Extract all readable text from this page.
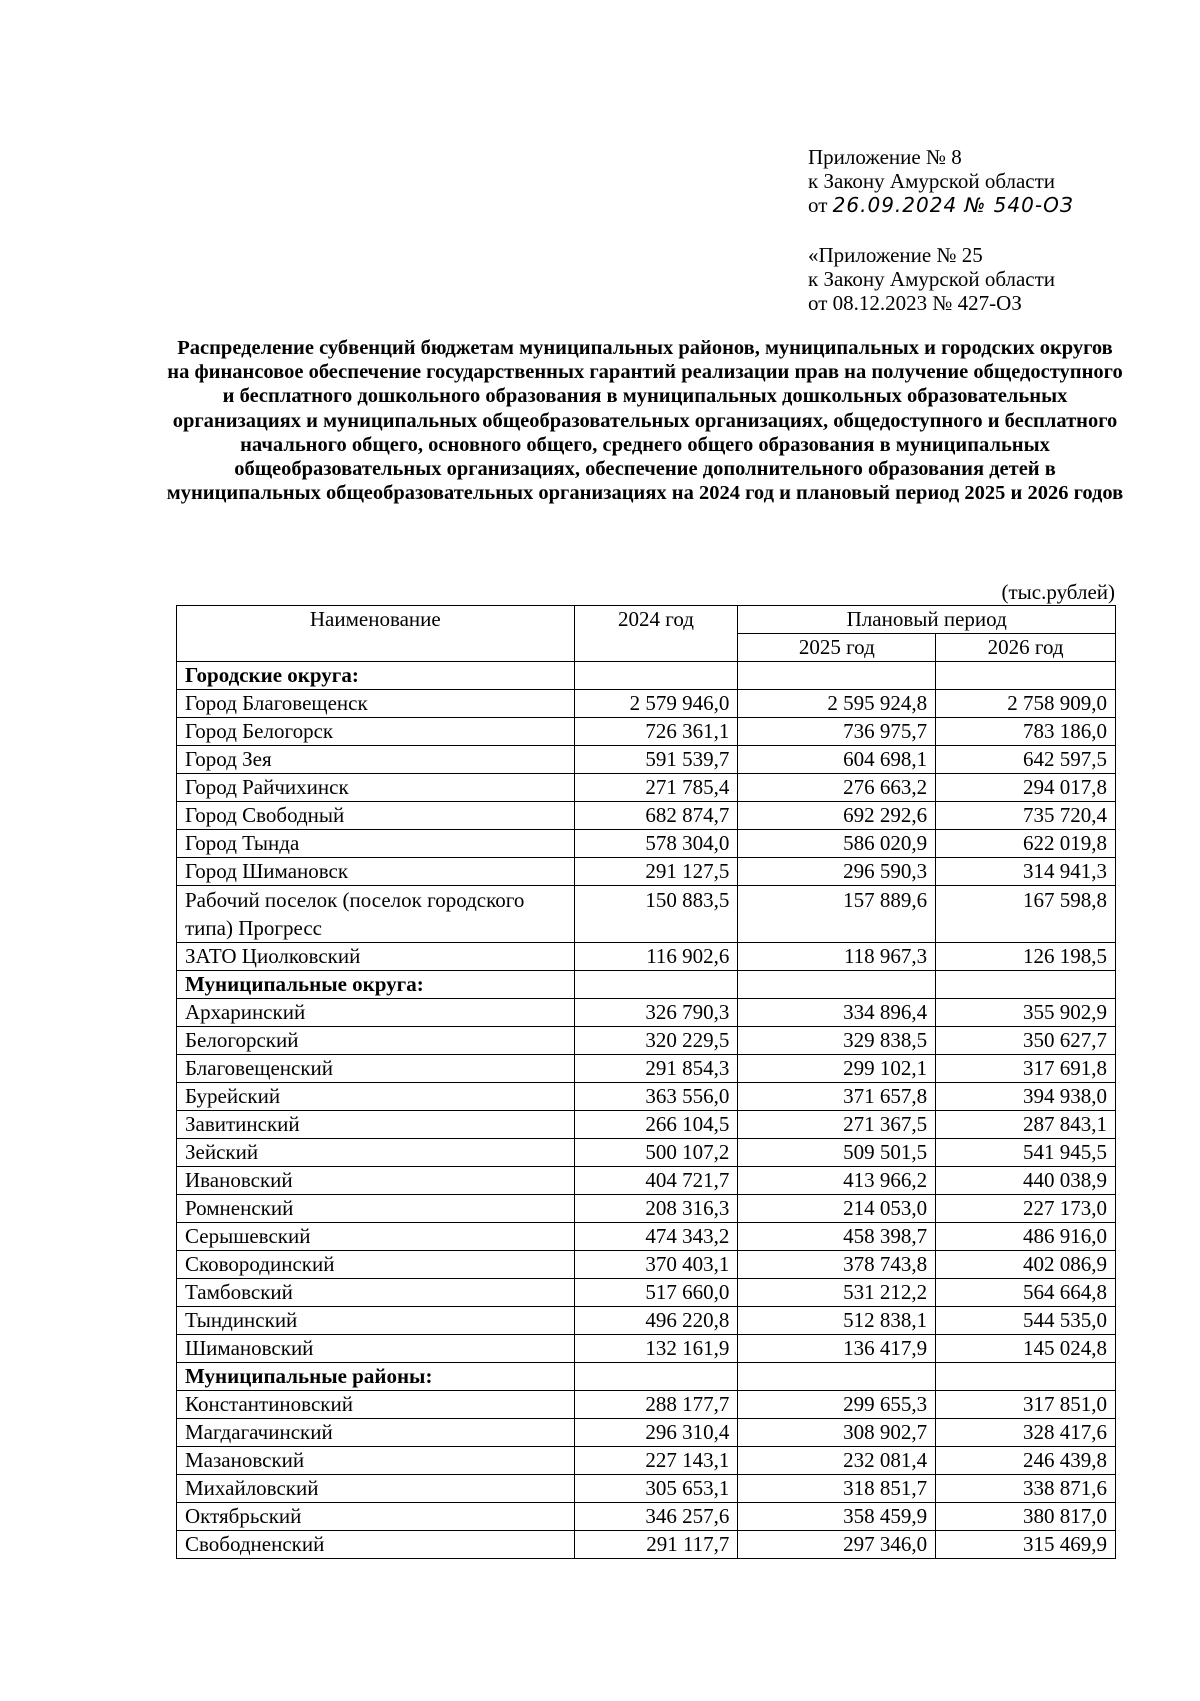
Приложение № 8
к Закону Амурской области
от 26.09.2024 № 540-ОЗ
«Приложение № 25
к Закону Амурской области
от 08.12.2023 № 427-ОЗ
Распределение субвенций бюджетам муниципальных районов, муниципальных и городских округов на финансовое обеспечение государственных гарантий реализации прав на получение общедоступного и бесплатного дошкольного образования в муниципальных дошкольных образовательных организациях и муниципальных общеобразовательных организациях, общедоступного и бесплатного начального общего, основного общего, среднего общего образования в муниципальных общеобразовательных организациях, обеспечение дополнительного образования детей в муниципальных общеобразовательных организациях на 2024 год и плановый период 2025 и 2026 годов
(тыс.рублей)
Наименование	2024 год	Плановый период	
		2025 год	2026 год
Городские округа:			
Город Благовещенск	2 579 946,0	2 595 924,8	2 758 909,0
Город Белогорск	726 361,1	736 975,7	783 186,0
Город Зея	591 539,7	604 698,1	642 597,5
Город Райчихинск	271 785,4	276 663,2	294 017,8
Город Свободный	682 874,7	692 292,6	735 720,4
Город Тында	578 304,0	586 020,9	622 019,8
Город Шимановск	291 127,5	296 590,3	314 941,3
Рабочий поселок (поселок городского типа) Прогресс	150 883,5	157 889,6	167 598,8
ЗАТО Циолковский	116 902,6	118 967,3	126 198,5
Муниципальные округа:			
Архаринский	326 790,3	334 896,4	355 902,9
Белогорский	320 229,5	329 838,5	350 627,7
Благовещенский	291 854,3	299 102,1	317 691,8
Бурейский	363 556,0	371 657,8	394 938,0
Завитинский	266 104,5	271 367,5	287 843,1
Зейский	500 107,2	509 501,5	541 945,5
Ивановский	404 721,7	413 966,2	440 038,9
Ромненский	208 316,3	214 053,0	227 173,0
Серышевский	474 343,2	458 398,7	486 916,0
Сковородинский	370 403,1	378 743,8	402 086,9
Тамбовский	517 660,0	531 212,2	564 664,8
Тындинский	496 220,8	512 838,1	544 535,0
Шимановский	132 161,9	136 417,9	145 024,8
Муниципальные районы:			
Константиновский	288 177,7	299 655,3	317 851,0
Магдагачинский	296 310,4	308 902,7	328 417,6
Мазановский	227 143,1	232 081,4	246 439,8
Михайловский	305 653,1	318 851,7	338 871,6
Октябрьский	346 257,6	358 459,9	380 817,0
Свободненский	291 117,7	297 346,0	315 469,9
